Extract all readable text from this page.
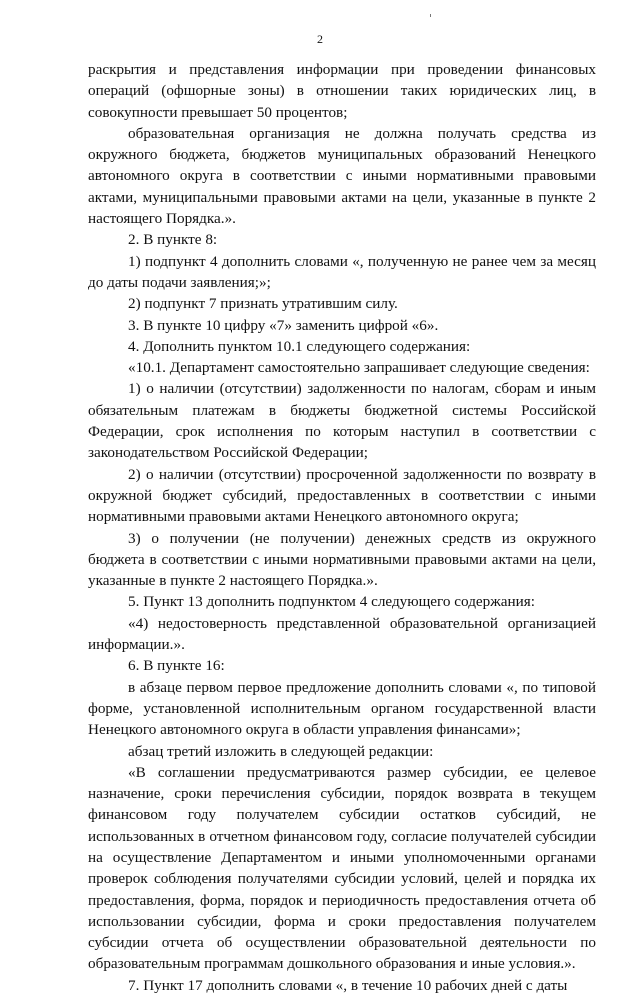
2

раскрытия и представления информации при проведении финансовых операций (офшорные зоны) в отношении таких юридических лиц, в совокупности превышает 50 процентов;

образовательная организация не должна получать средства из окружного бюджета, бюджетов муниципальных образований Ненецкого автономного округа в соответствии с иными нормативными правовыми актами, муниципальными правовыми актами на цели, указанные в пункте 2 настоящего Порядка.».

2. В пункте 8:

1) подпункт 4 дополнить словами «, полученную не ранее чем за месяц до даты подачи заявления;»;

2) подпункт 7 признать утратившим силу.

3. В пункте 10 цифру «7» заменить цифрой «6».

4. Дополнить пунктом 10.1 следующего содержания:

«10.1. Департамент самостоятельно запрашивает следующие сведения:

1) о наличии (отсутствии) задолженности по налогам, сборам и иным обязательным платежам в бюджеты бюджетной системы Российской Федерации, срок исполнения по которым наступил в соответствии с законодательством Российской Федерации;

2) о наличии (отсутствии) просроченной задолженности по возврату в окружной бюджет субсидий, предоставленных в соответствии с иными нормативными правовыми актами Ненецкого автономного округа;

3) о получении (не получении) денежных средств из окружного бюджета в соответствии с иными нормативными правовыми актами на цели, указанные в пункте 2 настоящего Порядка.».

5. Пункт 13 дополнить подпунктом 4 следующего содержания:

«4) недостоверность представленной образовательной организацией информации.».

6. В пункте 16:

в абзаце первом первое предложение дополнить словами «, по типовой форме, установленной исполнительным органом государственной власти Ненецкого автономного округа в области управления финансами»;

абзац третий изложить в следующей редакции:

«В соглашении предусматриваются размер субсидии, ее целевое назначение, сроки перечисления субсидии, порядок возврата в текущем финансовом году получателем субсидии остатков субсидий, не использованных в отчетном финансовом году, согласие получателей субсидии на осуществление Департаментом и иными уполномоченными органами проверок соблюдения получателями субсидии условий, целей и порядка их предоставления, форма, порядок и периодичность предоставления отчета об использовании субсидии, форма и сроки предоставления получателем субсидии отчета об осуществлении образовательной деятельности по образовательным программам дошкольного образования и иные условия.».

7. Пункт 17 дополнить словами «, в течение 10 рабочих дней с даты
